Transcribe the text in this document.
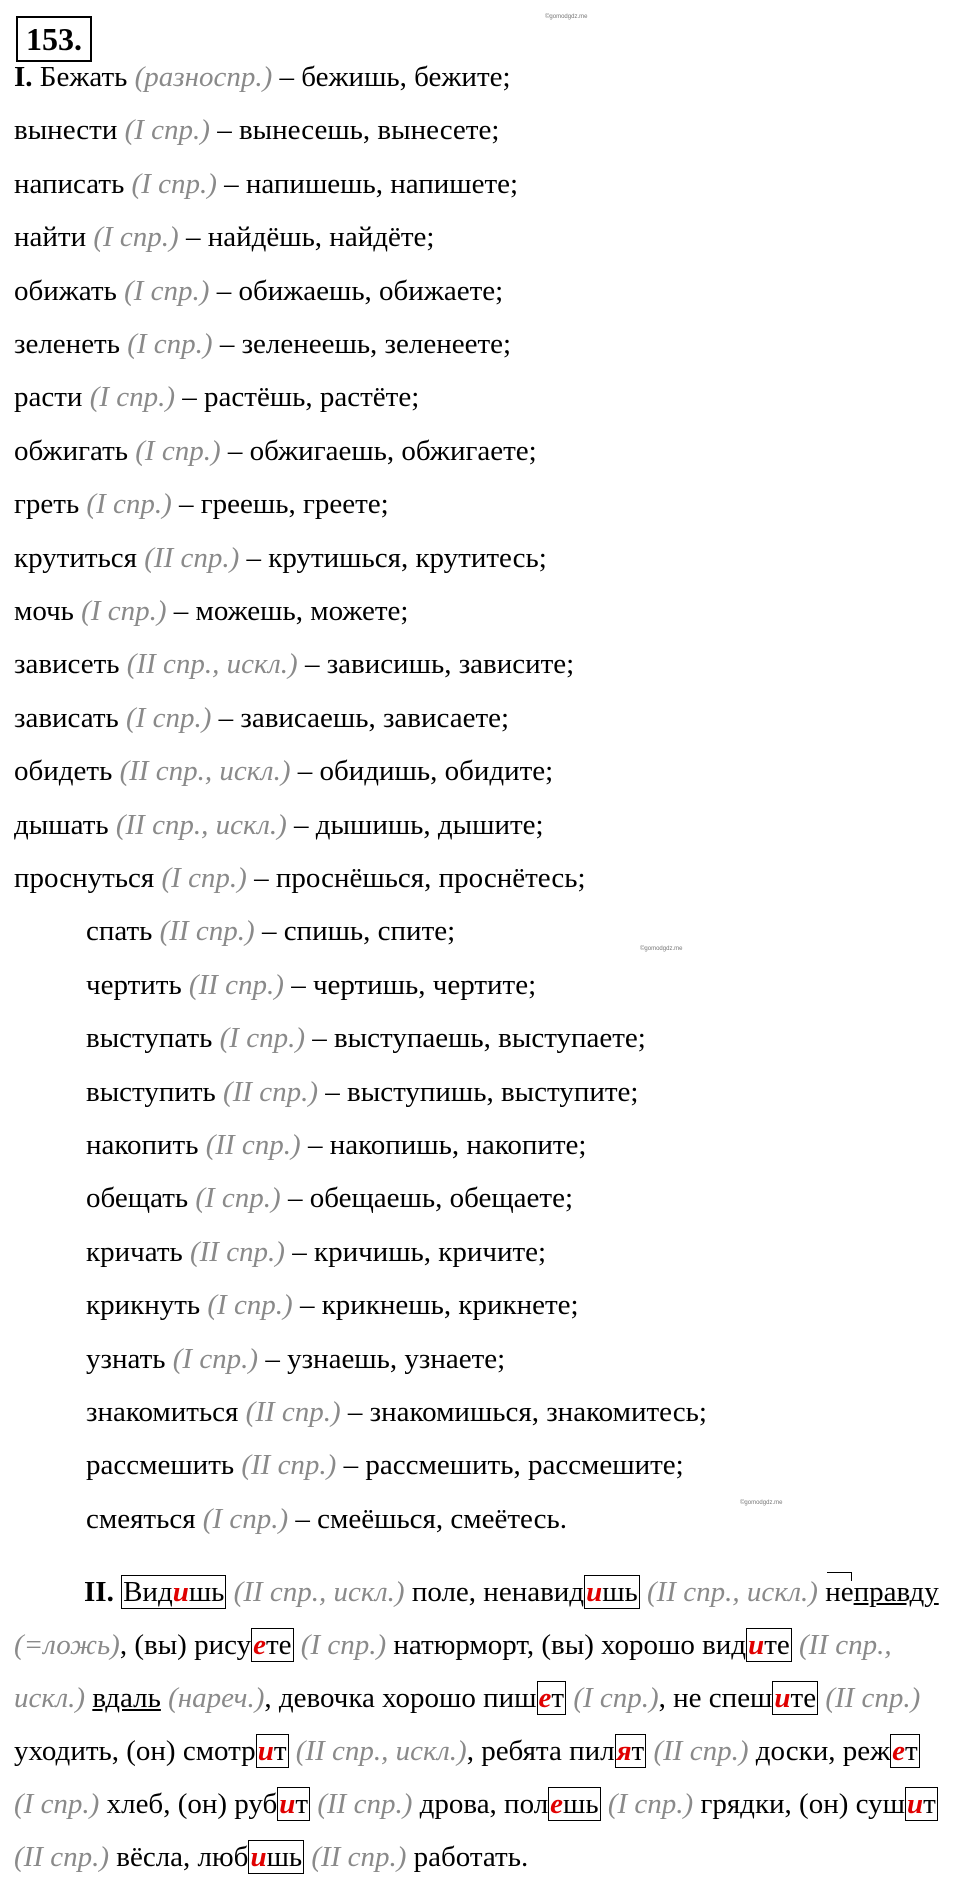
153.
©gomodgdz.me
©gomodgdz.me
©gomodgdz.me
I. Бежать (разноспр.) – бежишь, бежите;
вынести (I спр.) – вынесешь, вынесете;
написать (I спр.) – напишешь, напишете;
найти (I спр.) – найдёшь, найдёте;
обижать (I спр.) – обижаешь, обижаете;
зеленеть (I спр.) – зеленеешь, зеленеете;
расти (I спр.) – растёшь, растёте;
обжигать (I спр.) – обжигаешь, обжигаете;
греть (I спр.) – греешь, греете;
крутиться (II спр.) – крутишься, крутитесь;
мочь (I спр.) – можешь, можете;
зависеть (II спр., искл.) – зависишь, зависите;
зависать (I спр.) – зависаешь, зависаете;
обидеть (II спр., искл.) – обидишь, обидите;
дышать (II спр., искл.) – дышишь, дышите;
проснуться (I спр.) – проснёшься, проснётесь;
спать (II спр.) – спишь, спите;
чертить (II спр.) – чертишь, чертите;
выступать (I спр.) – выступаешь, выступаете;
выступить (II спр.) – выступишь, выступите;
накопить (II спр.) – накопишь, накопите;
обещать (I спр.) – обещаешь, обещаете;
кричать (II спр.) – кричишь, кричите;
крикнуть (I спр.) – крикнешь, крикнете;
узнать (I спр.) – узнаешь, узнаете;
знакомиться (II спр.) – знакомишься, знакомитесь;
рассмешить (II спр.) – рассмешить, рассмешите;
смеяться (I спр.) – смеёшься, смеётесь.
II. Видишь (II спр., искл.) поле, ненавидишь (II спр., искл.) неправду (=ложь), (вы) рисуете (I спр.) натюрморт, (вы) хорошо видите (II спр., искл.) вдаль (нареч.), девочка хорошо пишет (I спр.), не спешите (II спр.) уходить, (он) смотрит (II спр., искл.), ребята пилят (II спр.) доски, режет (I спр.) хлеб, (он) рубит (II спр.) дрова, полешь (I спр.) грядки, (он) сушит (II спр.) вёсла, любишь (II спр.) работать.
